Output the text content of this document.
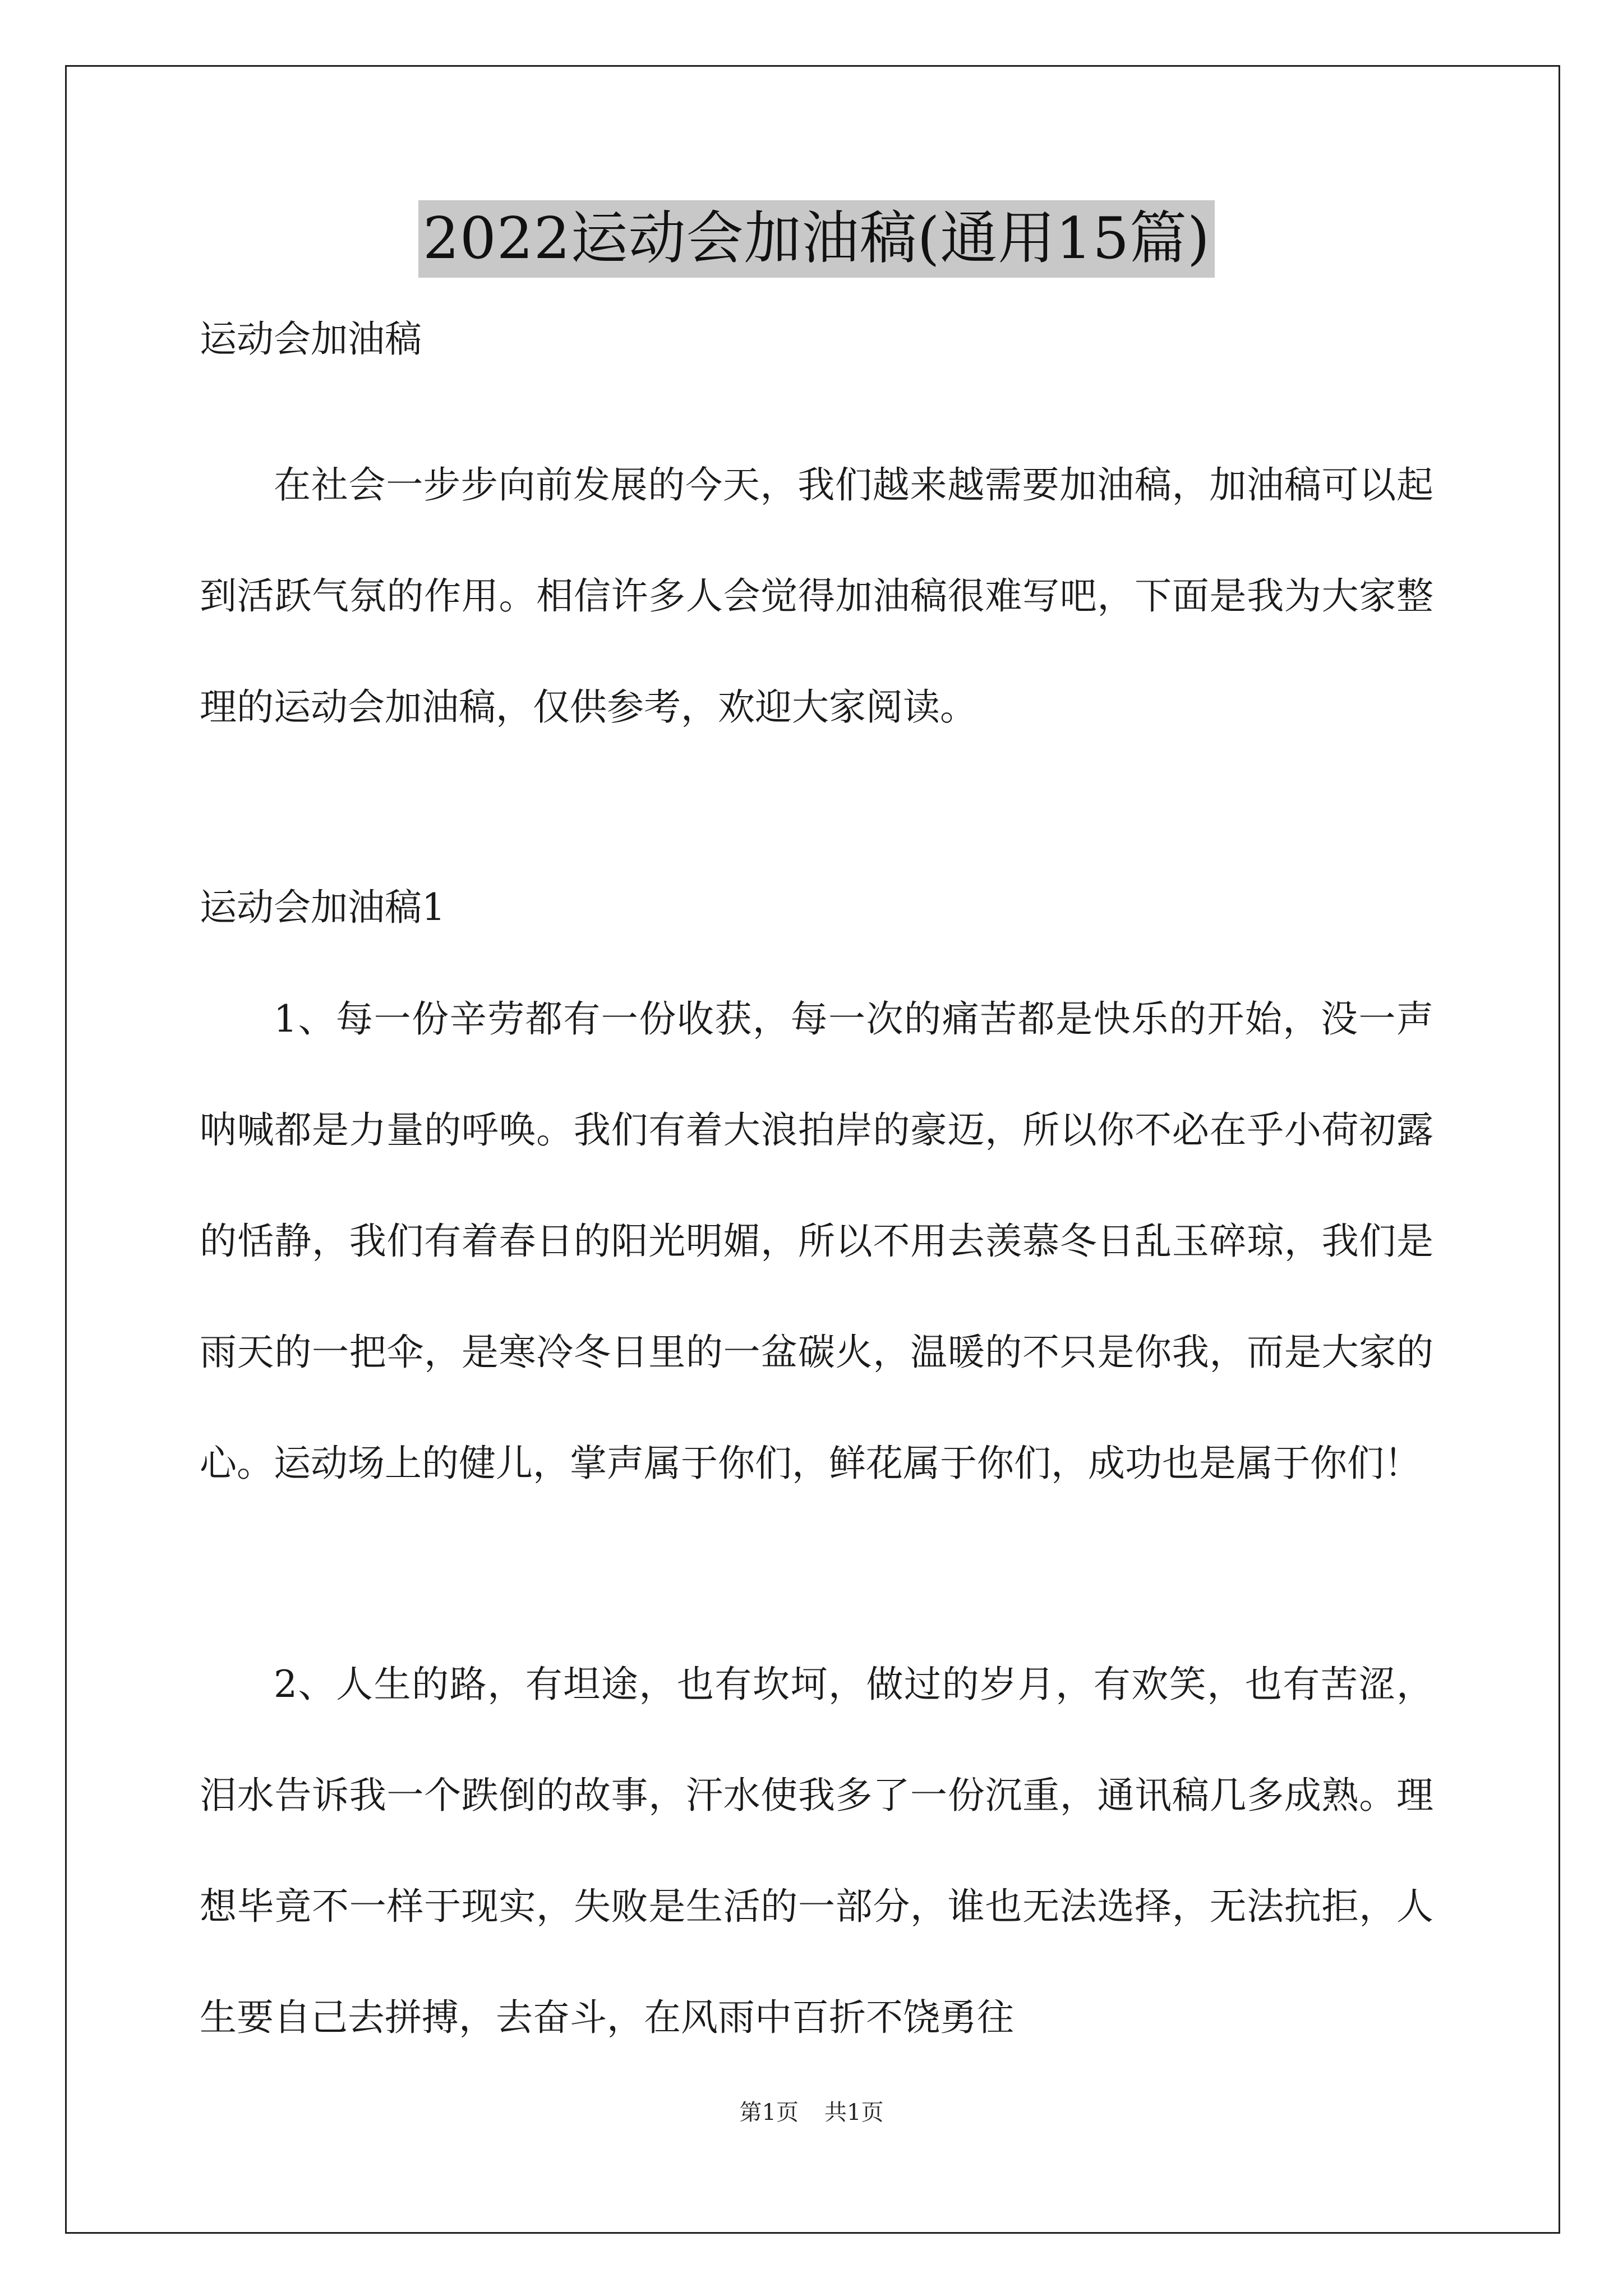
2022运动会加油稿(通用15篇)
运动会加油稿

在社会一步步向前发展的今天，我们越来越需要加油稿，加油稿可以起到活跃气氛的作用。相信许多人会觉得加油稿很难写吧，下面是我为大家整理的运动会加油稿，仅供参考，欢迎大家阅读。

运动会加油稿1

1、每一份辛劳都有一份收获，每一次的痛苦都是快乐的开始，没一声呐喊都是力量的呼唤。我们有着大浪拍岸的豪迈，所以你不必在乎小荷初露的恬静，我们有着春日的阳光明媚，所以不用去羡慕冬日乱玉碎琼，我们是雨天的一把伞，是寒冷冬日里的一盆碳火，温暖的不只是你我，而是大家的心。运动场上的健儿，掌声属于你们，鲜花属于你们，成功也是属于你们！

2、人生的路，有坦途，也有坎坷，做过的岁月，有欢笑，也有苦涩，泪水告诉我一个跌倒的故事，汗水使我多了一份沉重，通讯稿几多成熟。理想毕竟不一样于现实，失败是生活的一部分，谁也无法选择，无法抗拒，人生要自己去拼搏，去奋斗，在风雨中百折不饶勇往

第1页 共1页
